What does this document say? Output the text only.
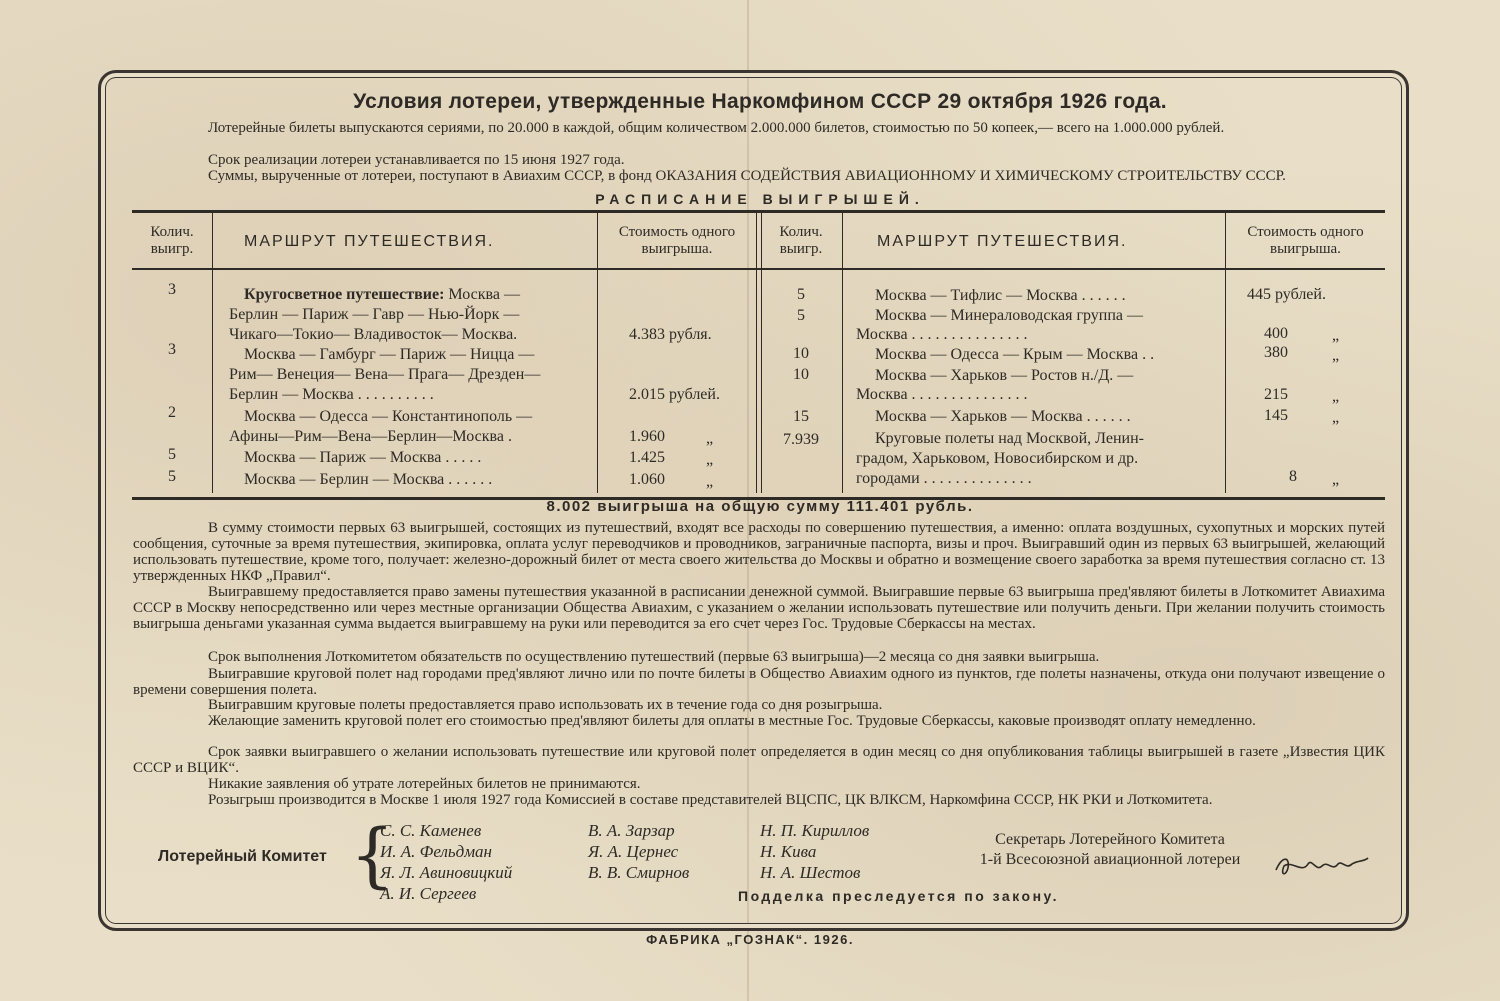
Условия лотереи, утвержденные Наркомфином СССР 29 октября 1926 года.
Лотерейные билеты выпускаются сериями, по 20.000 в каждой, общим количеством 2.000.000 билетов, стоимостью по 50 копеек,— всего на 1.000.000 рублей.
Срок реализации лотереи устанавливается по 15 июня 1927 года.
Суммы, вырученные от лотереи, поступают в Авиахим СССР, в фонд ОКАЗАНИЯ СОДЕЙСТВИЯ АВИАЦИОННОМУ И ХИМИЧЕСКОМУ СТРОИТЕЛЬСТВУ СССР.
РАСПИСАНИЕ ВЫИГРЫШЕЙ.
Колич. выигр.	МАРШРУТ ПУТЕШЕСТВИЯ.
Стоимость одного выигрыша.
Колич. выигр.	МАРШРУТ ПУТЕШЕСТВИЯ.
Стоимость одного выигрыша.
3	Кругосветное путешествие: Москва —
Берлин — Париж — Гавр — Нью-Йорк —
Чикаго—Токио— Владивосток— Москва.	4.383 рубля.
3	Москва — Гамбург — Париж — Ницца —
Рим— Венеция— Вена— Прага— Дрезден—
Берлин — Москва . . . . . . . . . .	2.015 рублей.
2	Москва — Одесса — Константинополь —
Афины—Рим—Вена—Берлин—Москва .	1.960	„
5	Москва — Париж — Москва . . . . .	1.425	„
5	Москва — Берлин — Москва . . . . . .	1.060	„
5	Москва — Тифлис — Москва . . . . . .	445 рублей.
5	Москва — Минераловодская группа —
Москва . . . . . . . . . . . . . . .	400	„
10	Москва — Одесса — Крым — Москва . .	380	„
10	Москва — Харьков — Ростов н./Д. —
Москва . . . . . . . . . . . . . . .	215	„
15	Москва — Харьков — Москва . . . . . .	145	„
7.939	Круговые полеты над Москвой, Ленин-
градом, Харьковом, Новосибирском и др.
городами . . . . . . . . . . . . . .	8 „
8.002 выигрыша на общую сумму 111.401 рубль.
В сумму стоимости первых 63 выигрышей, состоящих из путешествий, входят все расходы по совершению путешествия, а именно: оплата воздушных, сухопутных и морских путей сообщения, суточные за время путешествия, экипировка, оплата услуг переводчиков и проводников, заграничные паспорта, визы и проч. Выигравший один из первых 63 выигрышей, желающий использовать путешествие, кроме того, получает: железно-дорожный билет от места своего жительства до Москвы и обратно и возмещение своего заработка за время путешествия согласно ст. 13 утвержденных НКФ „Правил“.
Выигравшему предоставляется право замены путешествия указанной в расписании денежной суммой. Выигравшие первые 63 выигрыша пред'являют билеты в Лоткомитет Авиахима СССР в Москву непосредственно или через местные организации Общества Авиахим, с указанием о желании использовать путешествие или получить деньги. При желании получить стоимость выигрыша деньгами указанная сумма выдается выигравшему на руки или переводится за его счет через Гос. Трудовые Сберкассы на местах.
Срок выполнения Лоткомитетом обязательств по осуществлению путешествий (первые 63 выигрыша)—2 месяца со дня заявки выигрыша.
Выигравшие круговой полет над городами пред'являют лично или по почте билеты в Общество Авиахим одного из пунктов, где полеты назначены, откуда они получают извещение о времени совершения полета.
Выигравшим круговые полеты предоставляется право использовать их в течение года со дня розыгрыша.
Желающие заменить круговой полет его стоимостью пред'являют билеты для оплаты в местные Гос. Трудовые Сберкассы, каковые производят оплату немедленно.
Срок заявки выигравшего о желании использовать путешествие или круговой полет определяется в один месяц со дня опубликования таблицы выигрышей в газете „Известия ЦИК СССР и ВЦИК“.
Никакие заявления об утрате лотерейных билетов не принимаются.
Розыгрыш производится в Москве 1 июля 1927 года Комиссией в составе представителей ВЦСПС, ЦК ВЛКСМ, Наркомфина СССР, НК РКИ и Лоткомитета.
Лотерейный Комитет {
С. С. Каменев
И. А. Фельдман
Я. Л. Авиновицкий
А. И. Сергеев
В. А. Зарзар
Я. А. Цернес
В. В. Смирнов
Н. П. Кириллов
Н. Кива
Н. А. Шестов
Секретарь Лотерейного Комитета
1-й Всесоюзной авиационной лотереи
Подделка преследуется по закону.
ФАБРИКА „ГОЗНАК“. 1926.
